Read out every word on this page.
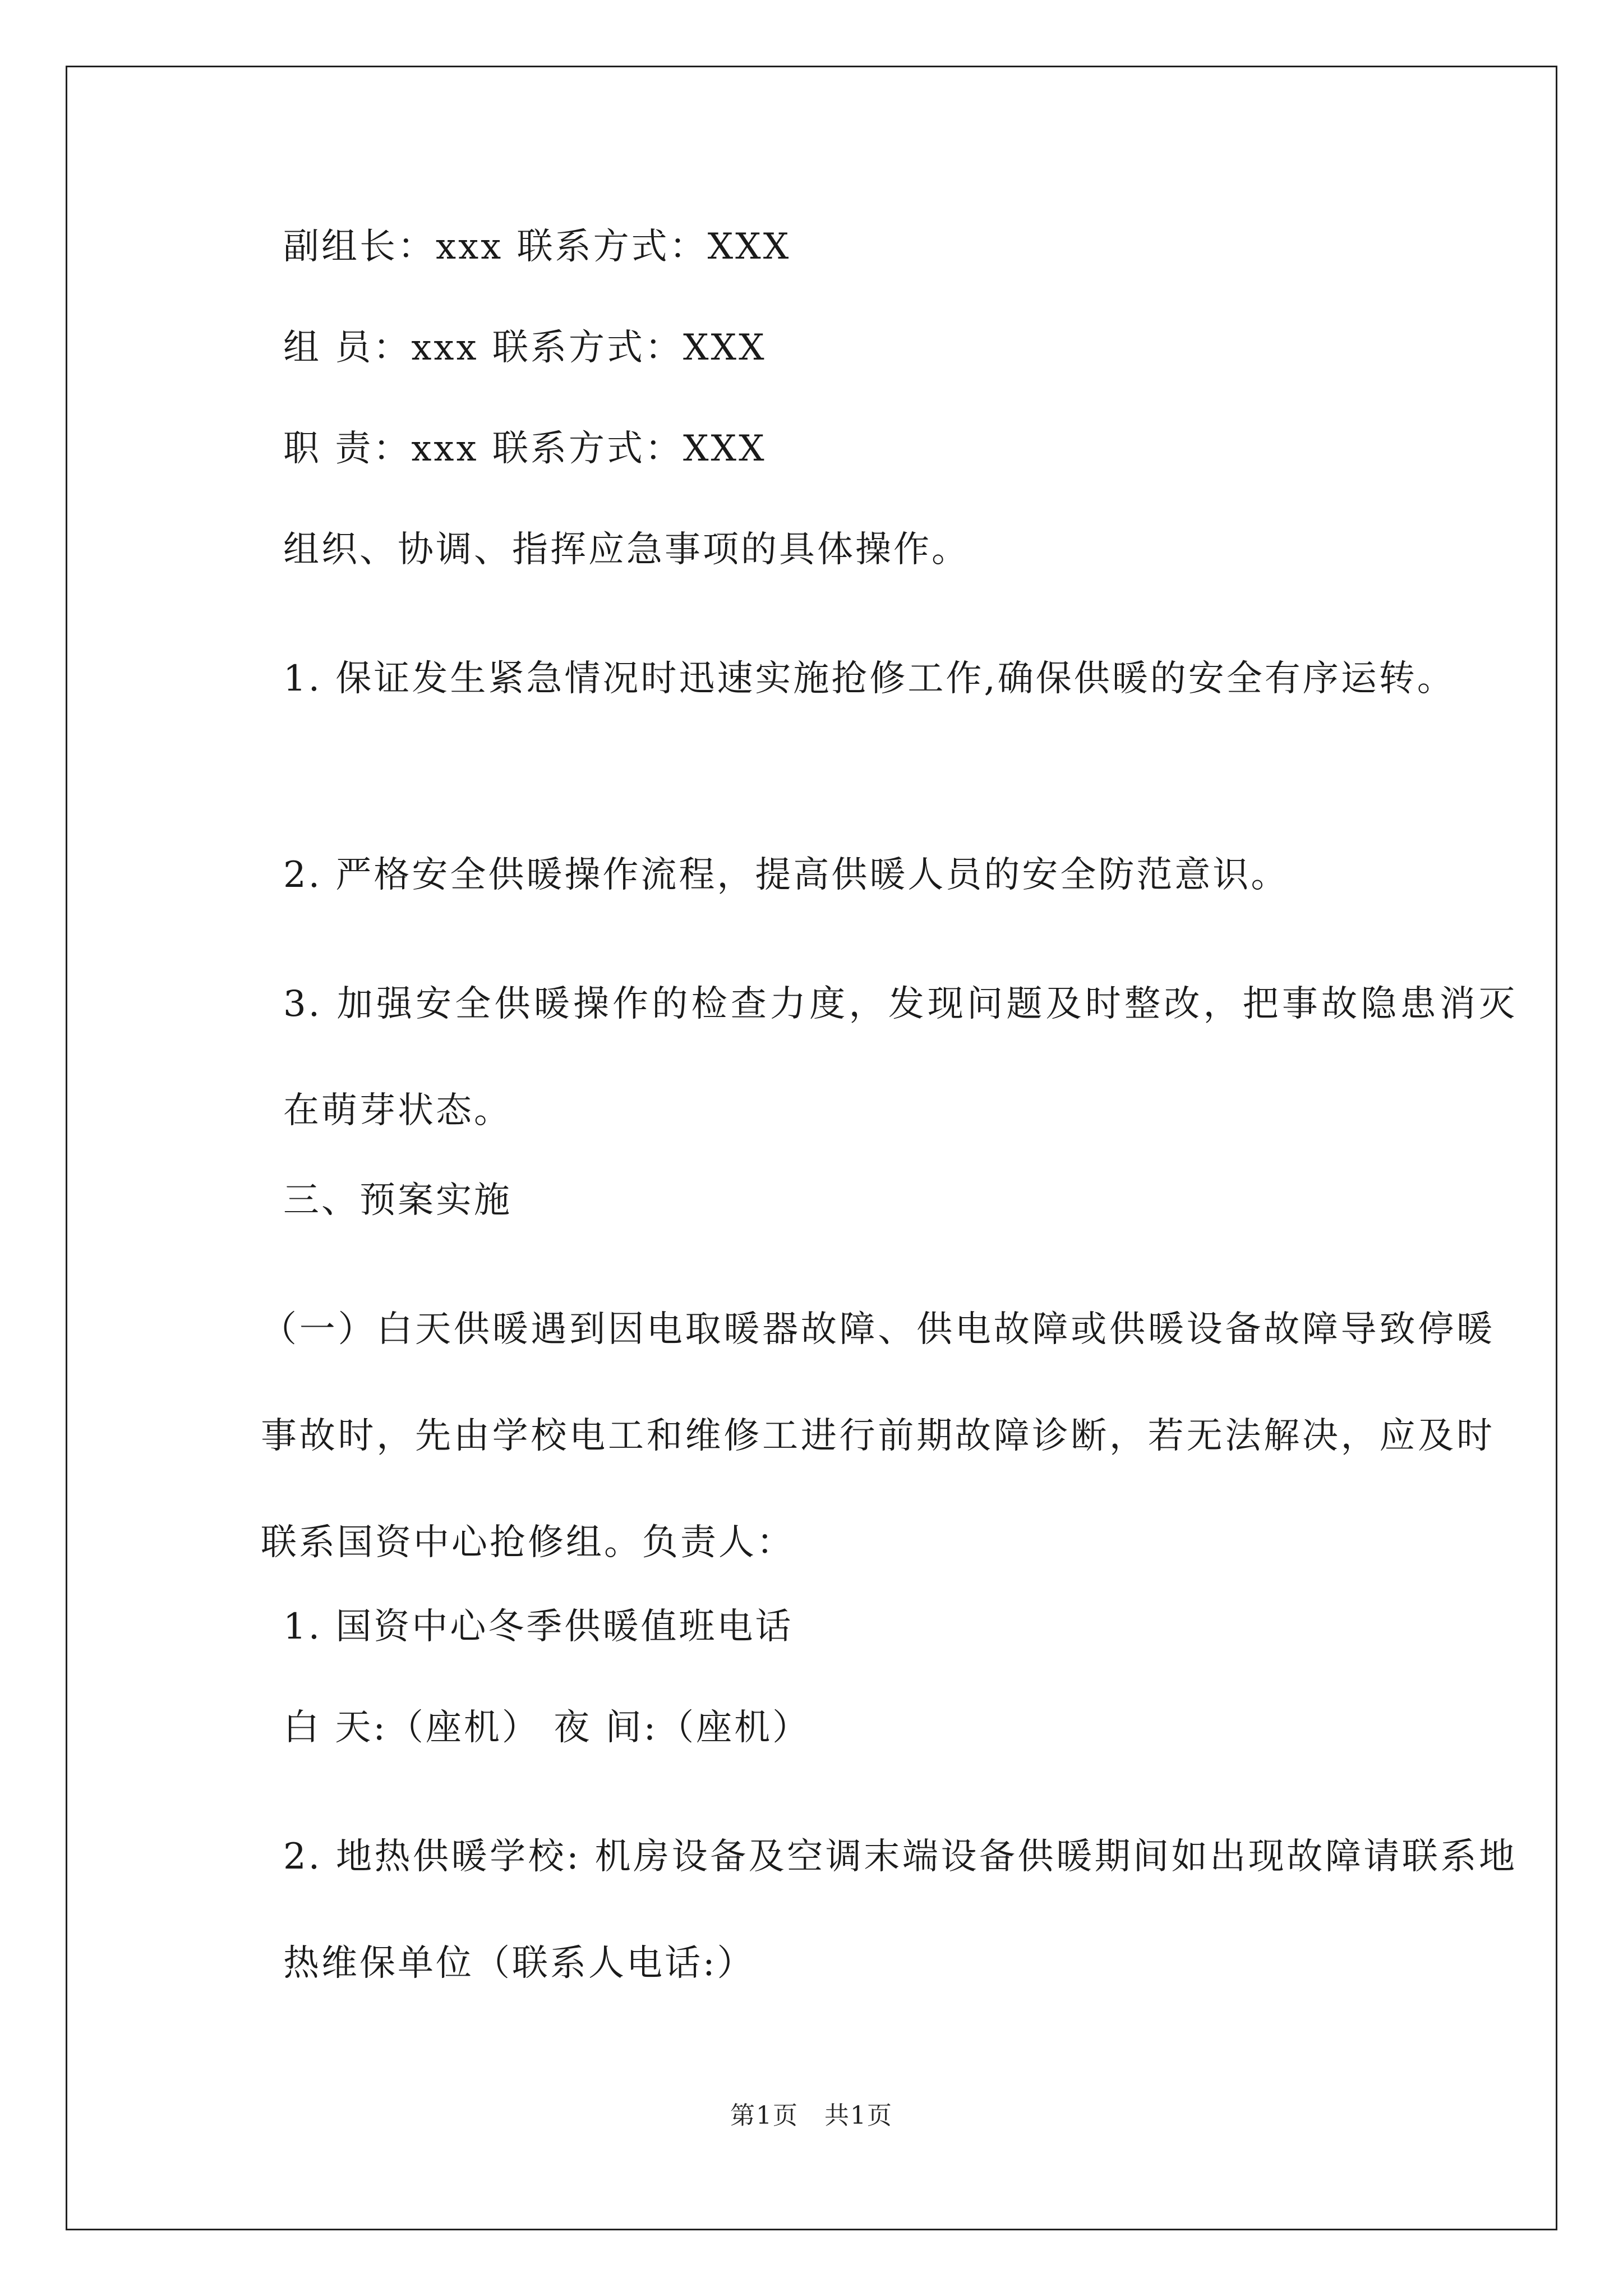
副组长：xxx 联系方式：XXX

组 员：xxx 联系方式：XXX

职 责：xxx 联系方式：XXX

组织、协调、指挥应急事项的具体操作。

1. 保证发生紧急情况时迅速实施抢修工作,确保供暖的安全有序运转。

2. 严格安全供暖操作流程，提高供暖人员的安全防范意识。

3. 加强安全供暖操作的检查力度，发现问题及时整改，把事故隐患消灭在萌芽状态。

三、预案实施

（一）白天供暖遇到因电取暖器故障、供电故障或供暖设备故障导致停暖事故时，先由学校电工和维修工进行前期故障诊断，若无法解决，应及时联系国资中心抢修组。负责人：

1. 国资中心冬季供暖值班电话

白 天:（座机） 夜 间:（座机）

2. 地热供暖学校: 机房设备及空调末端设备供暖期间如出现故障请联系地热维保单位（联系人电话:）

第1页　共1页
